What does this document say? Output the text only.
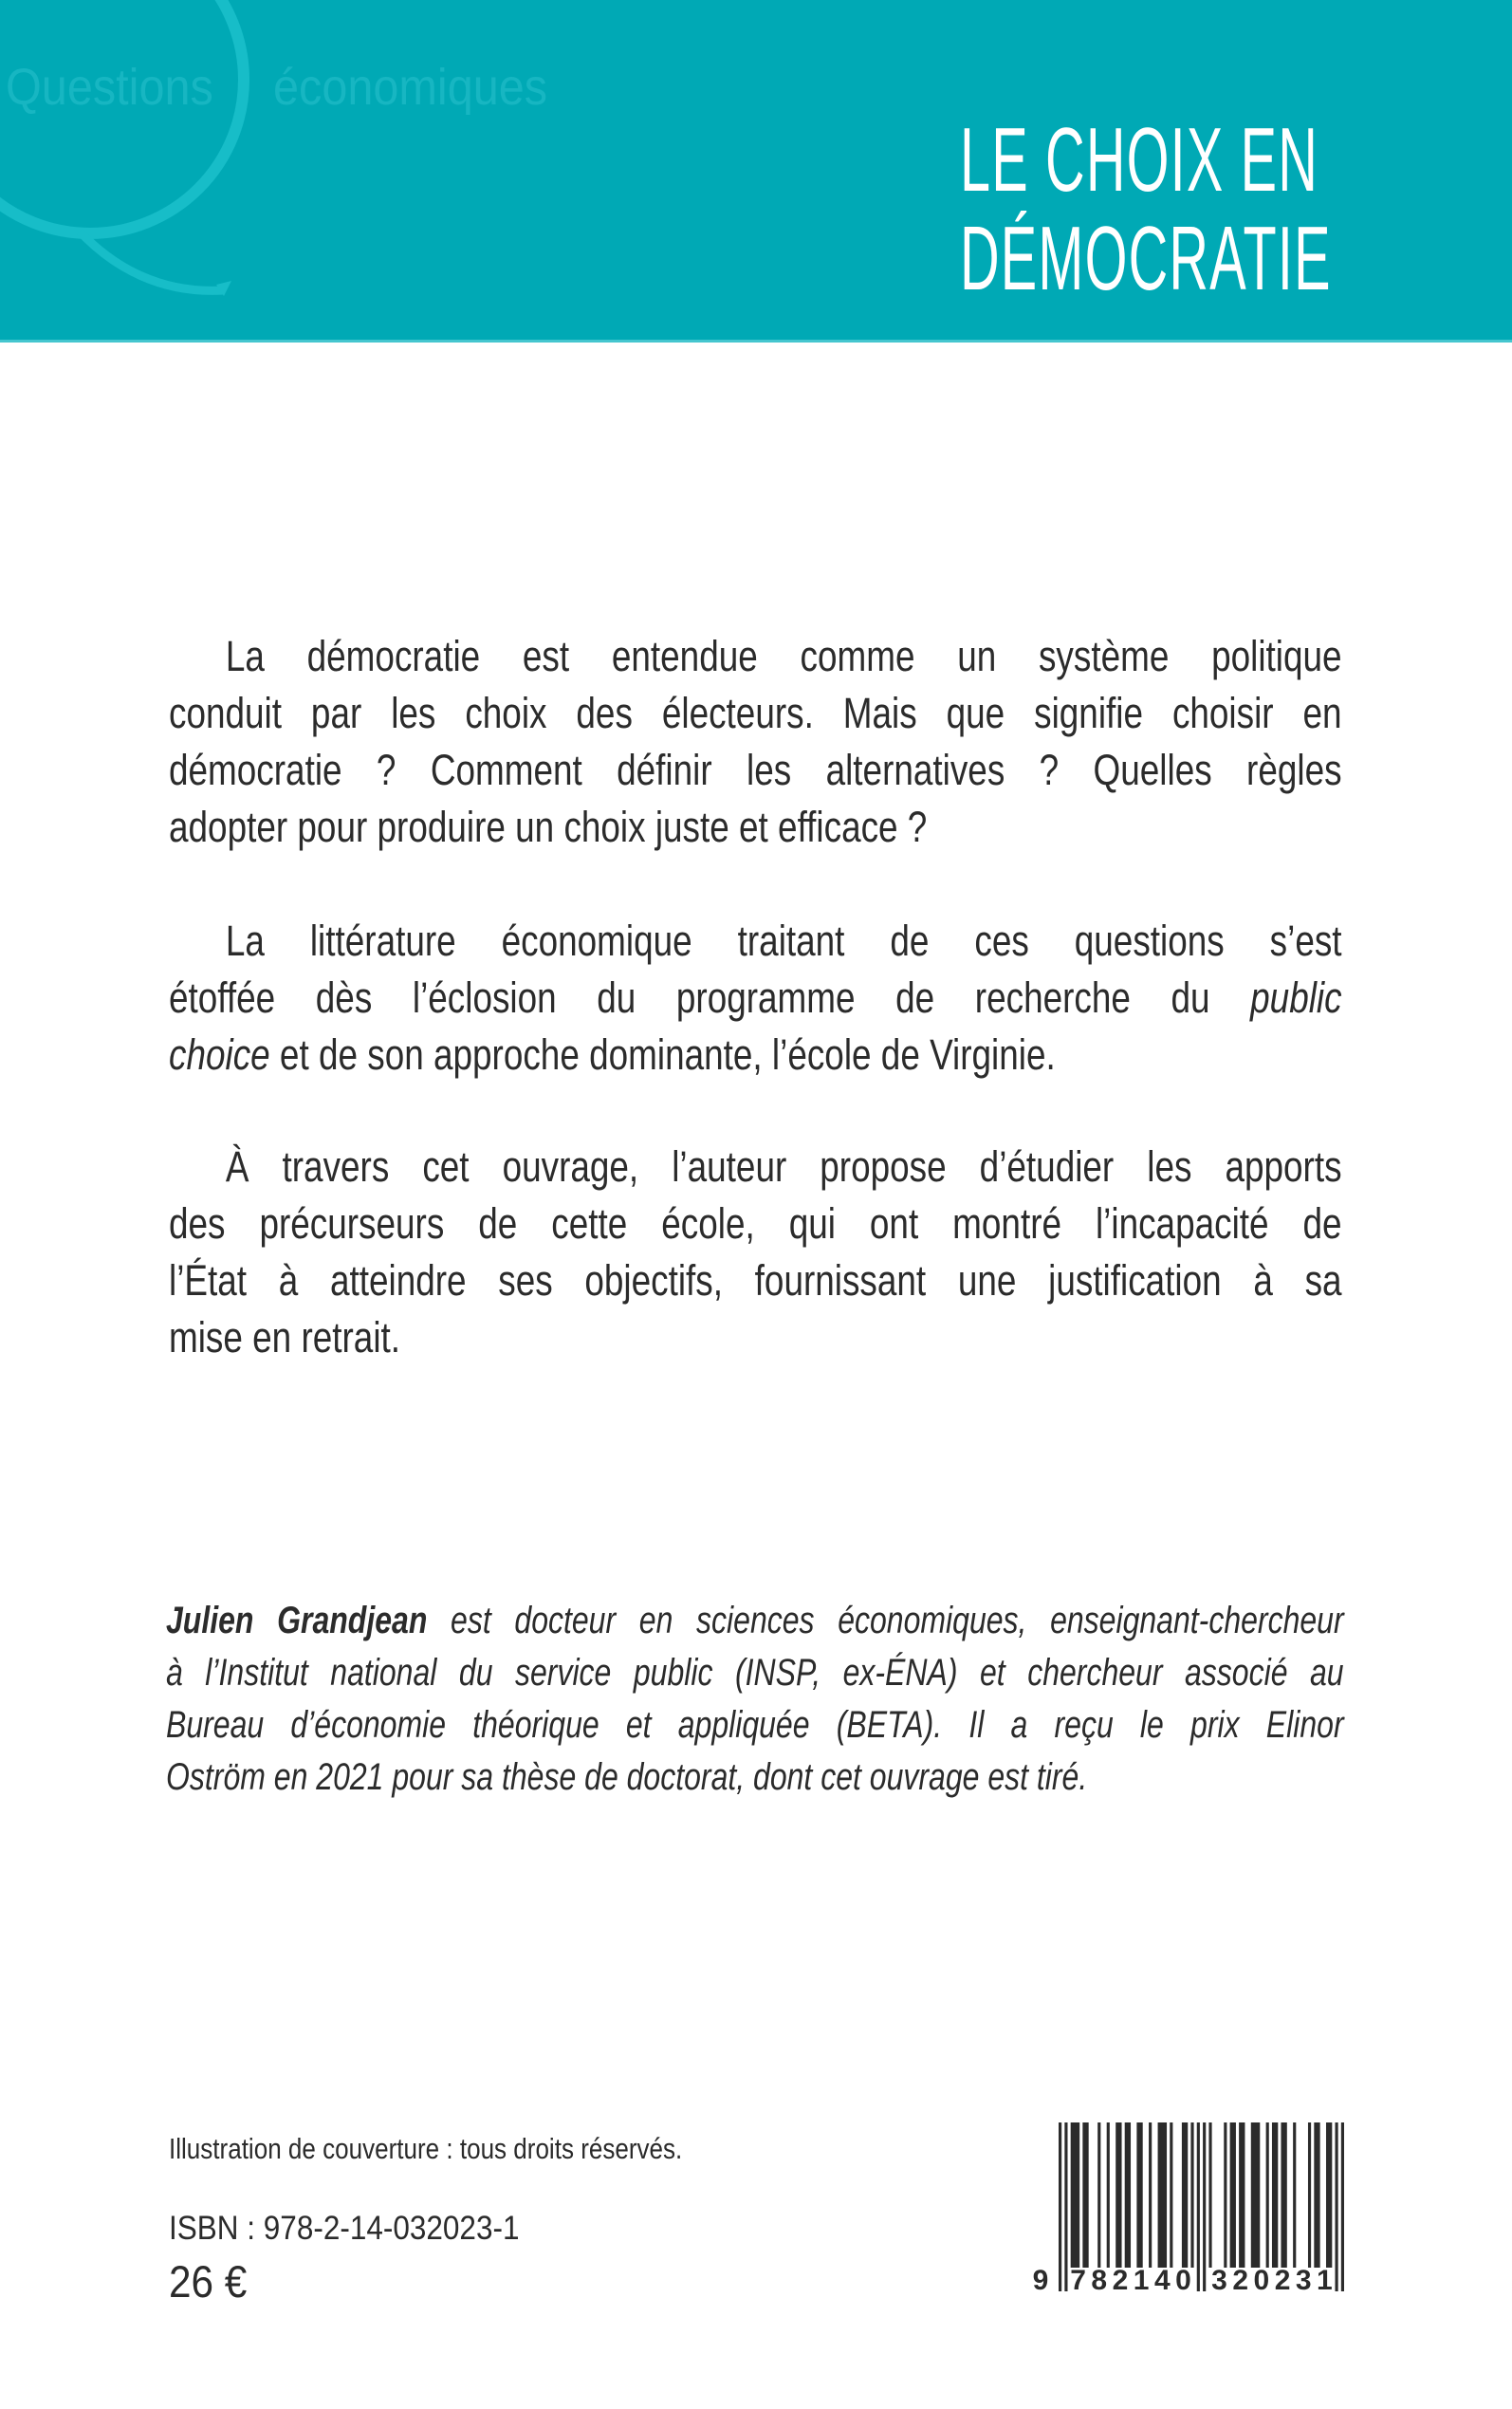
Questions économiques
LE CHOIX EN
DÉMOCRATIE
La démocratie est entendue comme un système politique
conduit par les choix des électeurs. Mais que signifie choisir en
démocratie ? Comment définir les alternatives ? Quelles règles
adopter pour produire un choix juste et efficace ?
La littérature économique traitant de ces questions s’est
étoffée dès l’éclosion du programme de recherche du public
choice et de son approche dominante, l’école de Virginie.
À travers cet ouvrage, l’auteur propose d’étudier les apports
des précurseurs de cette école, qui ont montré l’incapacité de
l’État à atteindre ses objectifs, fournissant une justification à sa
mise en retrait.
Julien Grandjean est docteur en sciences économiques, enseignant-chercheur
à l’Institut national du service public (INSP, ex-ÉNA) et chercheur associé au
Bureau d’économie théorique et appliquée (BETA). Il a reçu le prix Elinor
Oström en 2021 pour sa thèse de doctorat, dont cet ouvrage est tiré.
Illustration de couverture : tous droits réservés.
ISBN : 978-2-14-032023-1
26 €	9 7 8 2 1 4 0 3 2 0 2 3 1
